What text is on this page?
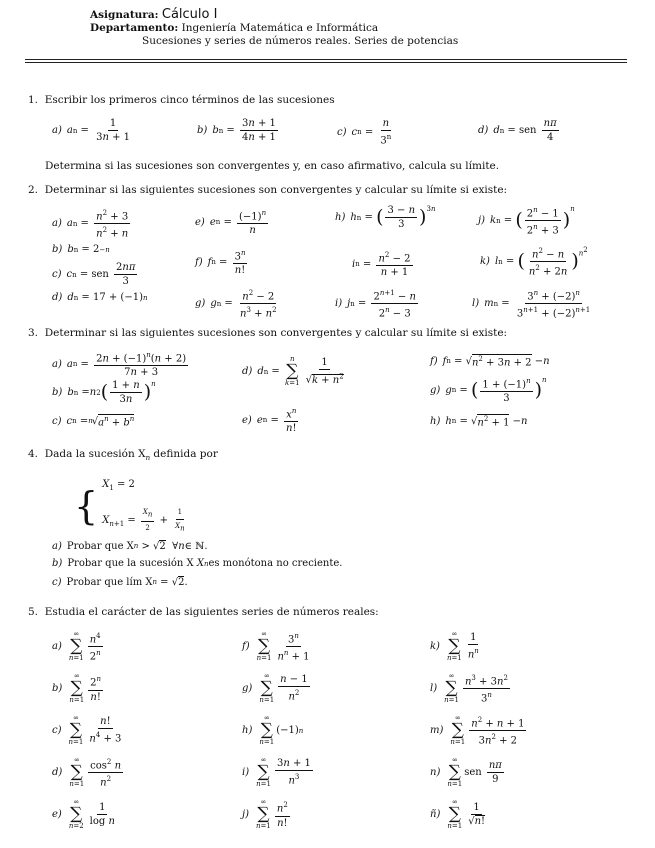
Asignatura: Cálculo I
Departamento: Ingeniería Matemática e Informática
Sucesiones y series de números reales. Series de potencias
1. Escribir los primeros cinco términos de las sucesiones
a) a n =
1
3n + 1
b) b n =
3n + 1
4n + 1	c) c n =
n
3$^n$
d) d n = sen
nπ
4
Determina si las sucesiones son convergentes y, en caso afirmativo, calcula su límite.
2. Determinar si las siguientes sucesiones son convergentes y calcular su límite si existe:
a) a n =
$n^2 + 3$
$n^2 + n$
b) b n = 2 −n
c) c n = sen
2nπ
3
d) d n = 17 + (−1) n
e) e $n = (-1)^n$
n
f) f $n = 3^n$
n!
g) g n =
$n^2 - 2$
$n^3 + n^2$
h) h n = ( 3 − n
3 )$^{3n}$
i $n = n^2 - 2$
n + 1
i) j n =
$2^{n+1} - n$
$2^n - 3$
j) k n = ( $2^n - 1$
$2^n + 3$ )
$^n$
k) l n = ( $n^2 - n$
$n^2 + 2n$ ) $^{n^2}$
l) m n =
$3^n + (-2)^n$
$3^{n+1} + (-2)^{n+1}$
3. Determinar si las siguientes sucesiones son convergentes y calcular su límite si existe:
a) a $n = 2n + (-1)^n(n + 2)$
7n + 3
b) b n = n 2 ( 1 + n
3n ) $^n$
c) c n = n √ $a^n + b^n$
d) d n =
n
∑
k=1
1
$√k + n^2$
e) e $n = x^n$
n!
f) f n = √ $n^2 + 3n + 2 - n$
g) g n = ( $1 + (-1)^n$
3 ) $^n$
h) h n = √ $n^2 + 1 - n$
4. Dada la sucesión $X_n$ definida por
{ $X_1 = 2$
$X_{n+1} = \frac{X_n}{2} + \frac{1}{X_n}$
a) Probar que X n > √ 2 ∀ n ∈ ℕ.
b) Probar que la sucesión X
X n es monótona no creciente.
c) Probar que lím X n = √ 2 .
5. Estudia el carácter de las siguientes series de números reales:
a)
∞
∑
n=1
$n^4$
2$^n$
b)
∞
∑
n=1
2$^n$
n!
c)
∞
∑
n=1
n!
$n^4 + 3$
d)
∞
∑
n=1
$\cos^2 n$
$n^2$
e)
∞
∑
n=2
1
log n
f)
∞
∑
n=1
3$^n$
$n^n + 1$
g)
∞
∑
n=1
n − 1
$n^2$
h)
∞
∑
n=1
(−1) n
i)
∞
∑
n=1
3n + 1
$n^3$
j)
∞
∑
n=1
$n^2$
n!
k)
∞
∑
n=1
1
$n^n$
l)
∞
∑
n=1
$n^3 + 3n^2$
3$^n$
m)
∞
∑
n=1
$n^2 + n + 1$
$3n^2 + 2$
n)
∞
∑
n=1
sen
nπ
9
ñ)
∞
∑
n=1
1
√n!
